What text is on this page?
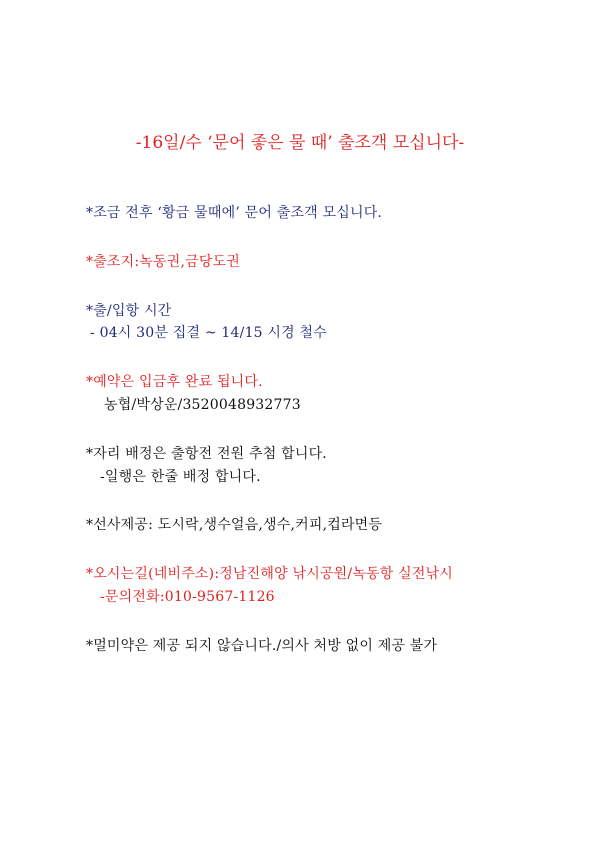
-16일/수 ‘문어 좋은 물 때’ 출조객 모십니다-
*조금 전후 ‘황금 물때에’ 문어 출조객 모십니다.
*출조지:녹동권,금당도권
*출/입항 시간
- 04시 30분 집결 ~ 14/15 시경 철수
*예약은 입금후 완료 됩니다.
농협/박상운/3520048932773
*자리 배정은 출항전 전원 추첨 합니다.
-일행은 한줄 배정 합니다.
*선사제공: 도시락,생수얼음,생수,커피,컵라면등
*오시는길(네비주소):정남진해양 낚시공원/녹동항 실전낚시
-문의전화:010-9567-1126
*멀미약은 제공 되지 않습니다./의사 처방 없이 제공 불가
